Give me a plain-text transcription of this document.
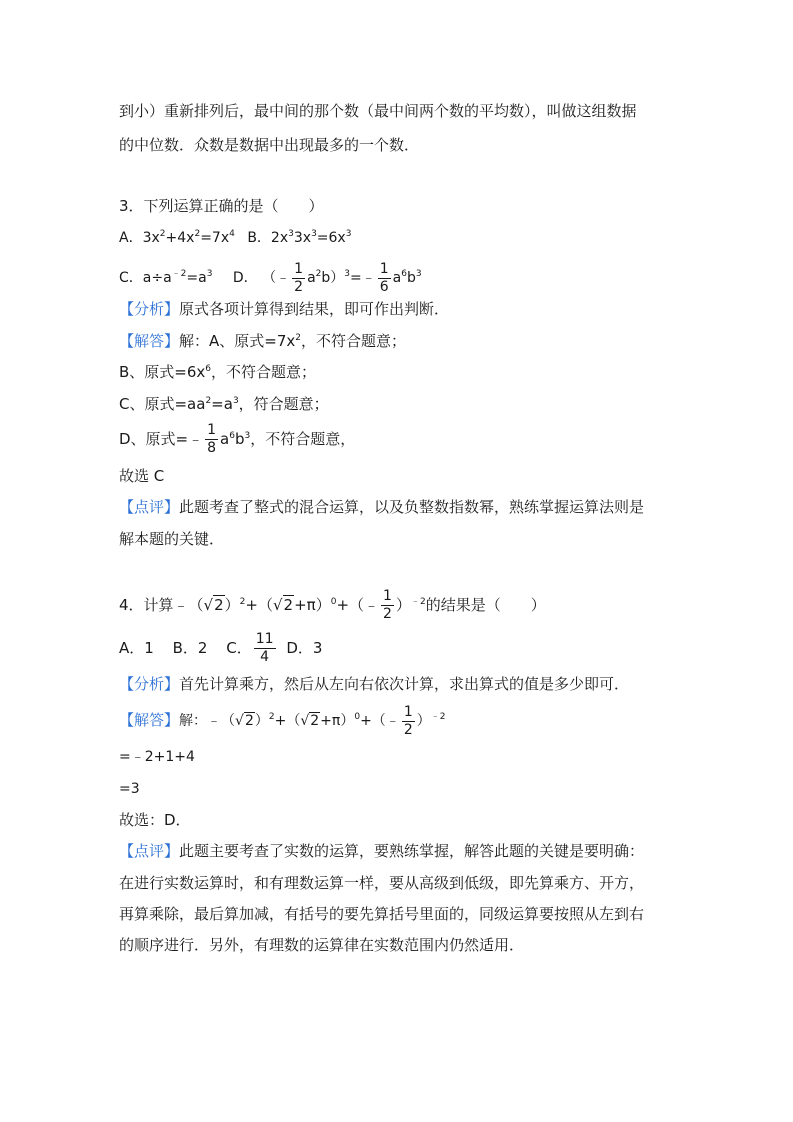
到小）重新排列后，最中间的那个数（最中间两个数的平均数），叫做这组数据
的中位数．众数是数据中出现最多的一个数．
3．下列运算正确的是（　　）
A．$3x^2+4x^2=7x^4$ B．$2x^33x^3=6x^3$
C．$a\div a^{﹣2}=a^3$ D． （﹣ $\frac{1}{2}$ $a^2b)^3=﹣ \frac{1}{6} a^6b^3$
【分析】原式各项计算得到结果，即可作出判断．
【解答】解：A、原式$=7x^2$，不符合题意；
B、原式$=6x^6$，不符合题意；
C、原式$=aa^2=a^3$，符合题意；
D、原式=﹣ $\frac{1}{8} a^6b^3$，不符合题意，
故选 C
【点评】此题考查了整式的混合运算，以及负整数指数幂，熟练掌握运算法则是
解本题的关键．
4．计算$﹣(√2)^2+(√2+\pi)^0+(﹣ \frac{1}{2} )^{﹣2}$的结果是（　　）
A．1 B．2 C． $\frac{11}{4}$ D．3
【分析】首先计算乘方，然后从左向右依次计算，求出算式的值是多少即可．
【解答】解：$﹣(√2)^2+(√2+\pi)^0+(﹣ \frac{1}{2} )^{﹣2}$
=﹣2+1+4
=3
故选：D．
【点评】此题主要考查了实数的运算，要熟练掌握，解答此题的关键是要明确：
在进行实数运算时，和有理数运算一样，要从高级到低级，即先算乘方、开方，
再算乘除，最后算加减，有括号的要先算括号里面的，同级运算要按照从左到右
的顺序进行．另外，有理数的运算律在实数范围内仍然适用．
